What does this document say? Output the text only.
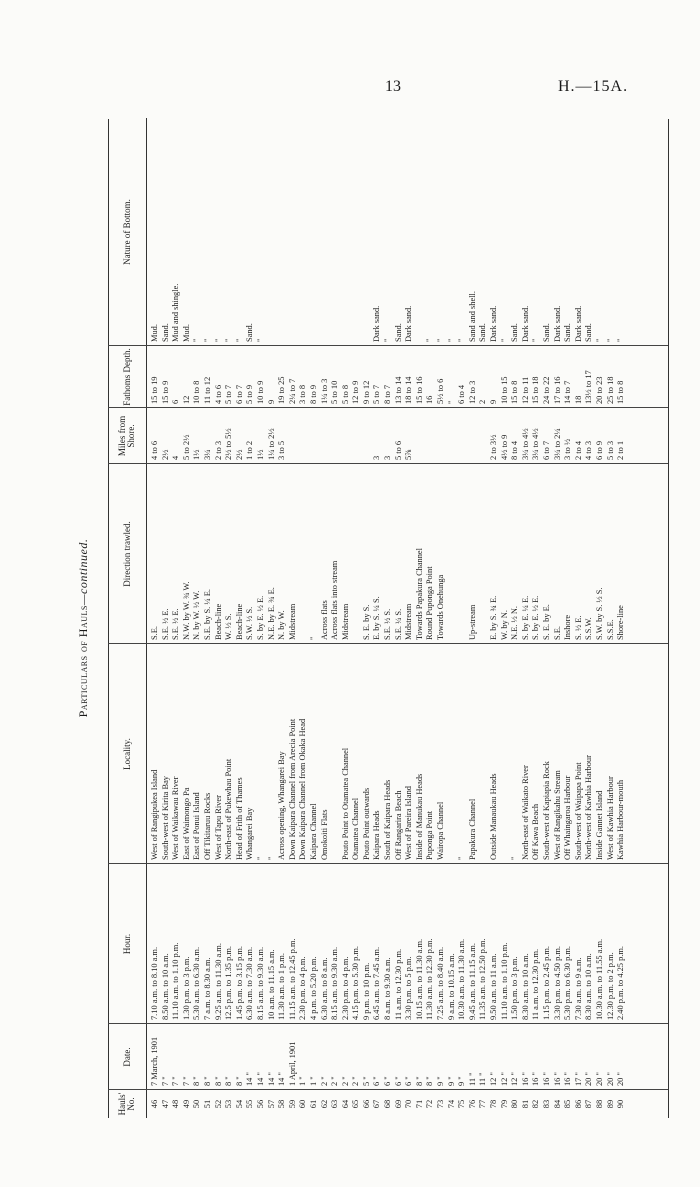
13	H.—15A.
Particulars of Hauls—continued.
Hauls' No.
Date.
Hour.
Locality.
Direction trawled.
Miles from Shore.
Fathoms Depth.
Nature of Bottom.
46
7 March, 1901
7.10 a.m. to 8.10 a.m.
West of Rangipukea Island
S.E.
4 to 6
15 to 19
Mud.
47
7 "
8.50 a.m. to 10 a.m.
South-west of Kirita Bay
S.E. ½ E.
2½
15 to 9
Sand.
48
7 "
11.10 a.m. to 1.10 p.m.
West of Waikawau River
S.E. ½ E.
4
6
Mud and shingle.
49
7 "
1.30 p.m. to 3 p.m.
East of Waimongo Pa
N.W. by W. ¾ W.
5 to 2½
12
Mud.
50
8 "
5.30 a.m. to 6.30 a.m.
East of Ponui Island
N. by W. ½ W.
1½
10 to 8
"
51
8 "
7 a.m. to 8.30 a.m.
Off Tikitaruu Rocks
S.E. by S. ¼ E.
3¼
11 to 12
"
52
8 "
9.25 a.m. to 11.30 a.m.
West of Tapu River
Beach-line
2 to 3
4 to 6
"
53
8 "
12.5 p.m. to 1.35 p.m.
North-east of Pukewhau Point
W. ½ S.
2½ to 5½
5 to 7
"
54
8 "
1.45 p.m. to 3.15 p.m.
Head of Frith of Thames
Beach-line
2½
6 to 7
"
55
14 "
6.30 a.m. to 7.30 a.m.
Whangarei Bay
S.W. ½ S.
1 to 2
5 to 9
Sand.
56
14 "
8.15 a.m. to 9.30 a.m.
"
S. by E. ½ E.
1½
10 to 9
"
57
14 "
10 a.m. to 11.15 a.m.
"
N.E. by E. ¾ E.
1¼ to 2½
9
58
14 "
11.30 a.m. to 1 p.m.
Across opening, Whangarei Bay
N. by W.
3 to 5
19 to 25
59
1 April, 1901
11.15 a.m. to 12.45 p.m.
Down Kaipara Channel from Arecia Point
Midstream
2¼ to 7
60
1 "
2.30 p.m. to 4 p.m.
Down Kaipara Channel from Okaka Head
3 to 8
61
1 "
4 p.m. to 5.20 p.m.
Kaipara Channel
"
8 to 9
62
2 "
6.30 a.m. to 8 a.m.
Omokoiti Flats
Across flats
1¼ to 3
63
2 "
8.15 a.m. to 9.30 a.m.
Across flats into stream
5 to 10
64
2 "
2.30 p.m. to 4 p.m.
Pouto Point to Otamatea Channel
Midstream
5 to 8
65
2 "
4.15 p.m. to 5.30 p.m.
Otamatea Channel
12 to 9
66
5 "
9 p.m. to 10 p.m.
Pouto Point outwards
S. E. by S.
9 to 12
67
6 "
6.45 a.m. to 7.45 a.m.
Kaipara Heads
E. by S. ¼ S.
3
5 to 7
Dark sand.
68
6 "
8 a.m. to 9.30 a.m.
South of Kaipara Heads
S.E. ½ S.
3
8 to 7
"
69
6 "
11 a.m. to 12.30 p.m.
Off Rangarira Beach
S.E. ¼ S.
5 to 6
13 to 14
Sand.
70
6 "
3.30 p.m. to 5 p.m.
West of Pareira Island
Midstream
5⅞
18 to 14
Dark sand.
71
8 "
10.15 a.m. to 11.30 a.m.
Inside of Manukau Heads
Towards Papakura Channel
15 to 16
72
8 "
11.30 a.m. to 12.30 p.m.
Puponga Point
Round Puponga Point
16
"
73
9 "
7.25 a.m. to 8.40 a.m.
Wairopa Channel
Towards Onehunga
5½ to 6
"
74
9 "
9 a.m. to 10.15 a.m.
"
"
75
9 "
10.30 a.m. to 11.30 a.m.
"
6 to 4
"
76
11 "
9.45 a.m. to 11.15 a.m.
Papakura Channel
Up-stream
12 to 3
Sand and shell.
77
11 "
11.35 a.m. to 12.50 p.m.
2
Sand.
78
12 "
9.50 a.m. to 11 a.m.
Outside Manaukau Heads
E. by S. ¾ E.
2 to 3½
9
Dark sand.
79
12 "
11.10 a.m. to 1.10 p.m.
W. by N.
4½ to 9
10 to 15
"
80
12 "
1.50 p.m. to 3 p.m.
"
N.E. ½ N.
8 to 4
15 to 8
Sand.
81
16 "
8.30 a.m. to 10 a.m.
North-east of Waikato River
S. by E. ¼ E.
3¼ to 4½
12 to 11
Dark sand.
82
16 "
11 a.m. to 12.30 p.m.
Off Kawa Beach
S. by E. ½ E.
3¼ to 4½
15 to 18
"
83
16 "
1.15 p.m. to 2.45 p.m.
South-west of Kapiapia Rock
S. E. by E.
6 to 7
24 to 22
Sand.
84
16 "
3.30 p.m. to 4.50 p.m.
West of Rangikahu Stream
S.E.
3¼ to 2¼
17 to 16
Dark sand.
85
16 "
5.30 p.m. to 6.30 p.m.
Off Whaingaroa Harbour
Inshore
3 to ½
14 to 7
Sand.
86
17 "
7.30 a.m. to 9 a.m.
South-west of Waipapa Point
S. ½ E.
2 to 4
18
Dark sand.
87
20 "
8.30 a.m. to 10 a.m.
North-west of Kawhia Harbour
S.S.W.
4 to 3
13½ to 17
Sand.
88
20 "
10.30 a.m. to 11.55 a.m.
Inside Gannet Island
S.W. by S. ½ S.
6 to 9
20 to 23
"
89
20 "
12.30 p.m. to 2 p.m.
West of Kawhia Harbour
S.S.E.
5 to 3
25 to 18
"
90
20 "
2.40 p.m. to 4.25 p.m.
Kawhia Harbour-mouth
Shore-line
2 to 1
15 to 8
"
